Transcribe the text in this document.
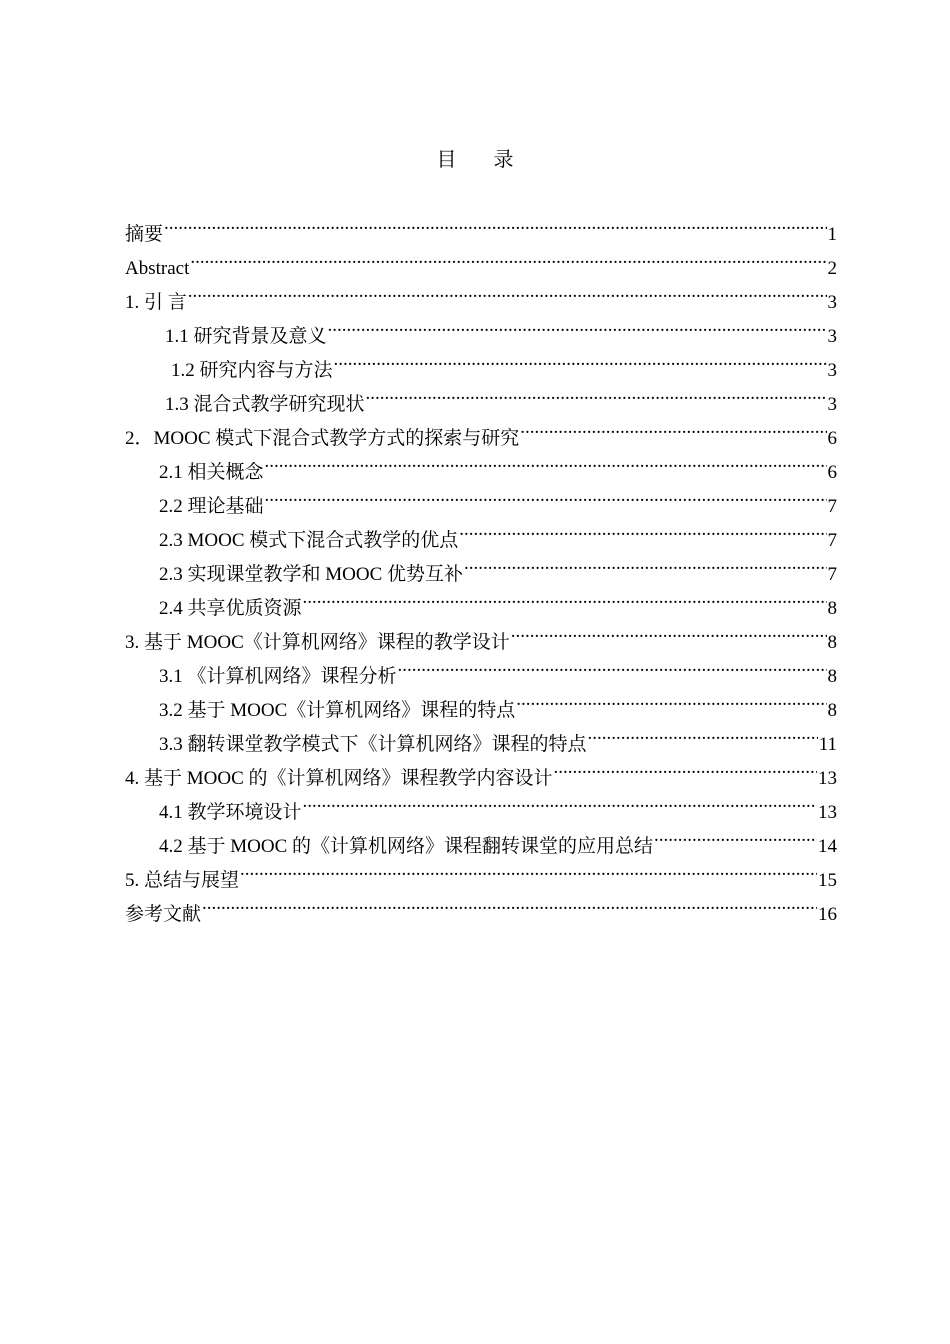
目 录
摘要 .....	1
Abstract .....	2
1. 引 言 .....	3
1.1 研究背景及意义 .....	3
1.2 研究内容与方法 .....	3
1.3 混合式教学研究现状 .....	3
2．MOOC 模式下混合式教学方式的探索与研究 .....	6
2.1 相关概念 .....	6
2.2 理论基础 .....	7
2.3 MOOC 模式下混合式教学的优点 .....	7
2.3 实现课堂教学和 MOOC 优势互补 .....	7
2.4 共享优质资源 .....	8
3. 基于 MOOC《计算机网络》课程的教学设计 .....	8
3.1 《计算机网络》课程分析 .....	8
3.2 基于 MOOC《计算机网络》课程的特点 .....	8
3.3 翻转课堂教学模式下《计算机网络》课程的特点 .....	11
4. 基于 MOOC 的《计算机网络》课程教学内容设计 .....	13
4.1 教学环境设计 .....	13
4.2 基于 MOOC 的《计算机网络》课程翻转课堂的应用总结 .....	14
5. 总结与展望 .....	15
参考文献 .....	16
